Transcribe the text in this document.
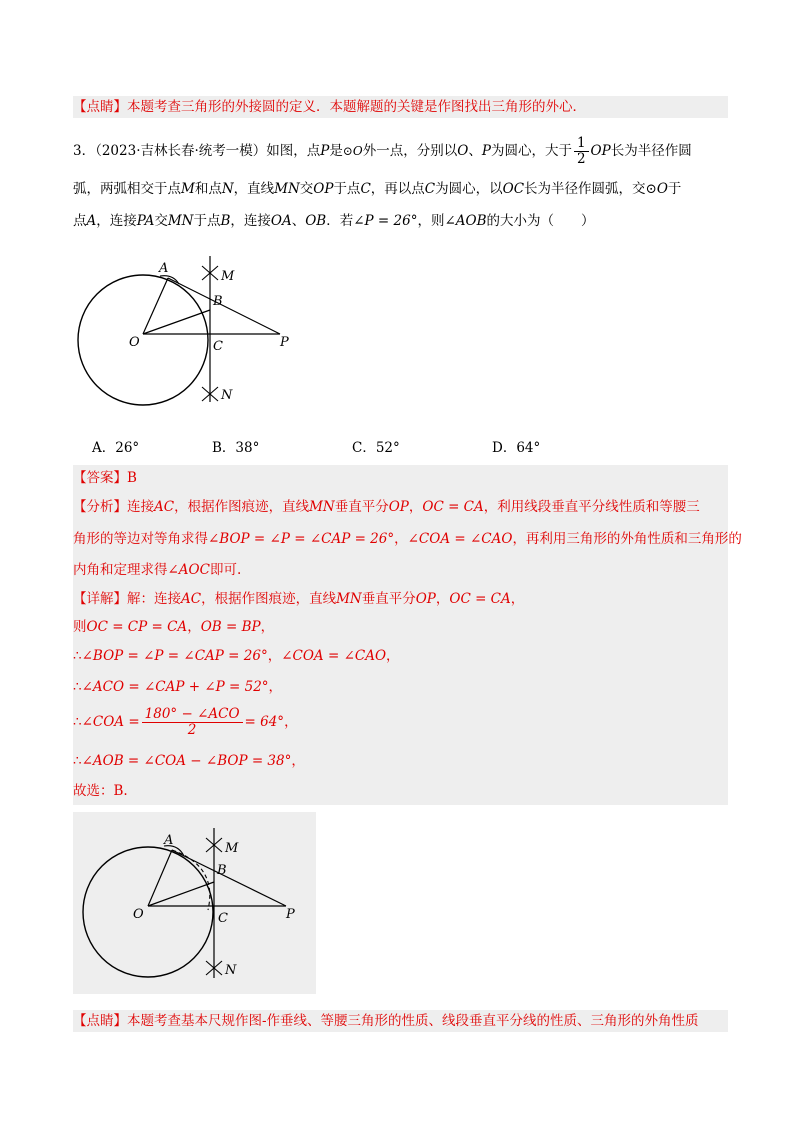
【点睛】本题考查三角形的外接圆的定义．本题解题的关键是作图找出三角形的外心．
3．（2023·吉林长春·统考一模）如图，点P是⊙O外一点，分别以O、P为圆心，大于 $\frac{1}{2}$ OP长为半径作圆
弧，两弧相交于点M和点N，直线MN交OP于点C，再以点C为圆心，以OC长为半径作圆弧，交⊙O于
点A，连接PA交MN于点B，连接OA、OB．若∠P = 26°，则∠AOB的大小为（　　）
A
B
M
N
O	C	P
A．26°	B．38°	C．52°	D．64°
【答案】B
【分析】连接AC，根据作图痕迹，直线MN垂直平分OP，OC = CA，利用线段垂直平分线性质和等腰三
角形的等边对等角求得∠BOP = ∠P = ∠CAP = 26°，∠COA = ∠CAO，再利用三角形的外角性质和三角形的
内角和定理求得∠AOC即可.
【详解】解：连接AC，根据作图痕迹，直线MN垂直平分OP，OC = CA，
则OC = CP = CA，OB = BP，
∴∠BOP = ∠P = ∠CAP = 26°，∠COA = ∠CAO，
∴∠ACO = ∠CAP + ∠P = 52°，
∴∠COA = $\frac{\text{180° − ∠ACO}}{2} = 64^\circ$，
∴∠AOB = ∠COA − ∠BOP = 38°，
故选：B.
A
B
M
N
O	C	P
【点睛】本题考查基本尺规作图-作垂线、等腰三角形的性质、线段垂直平分线的性质、三角形的外角性质
